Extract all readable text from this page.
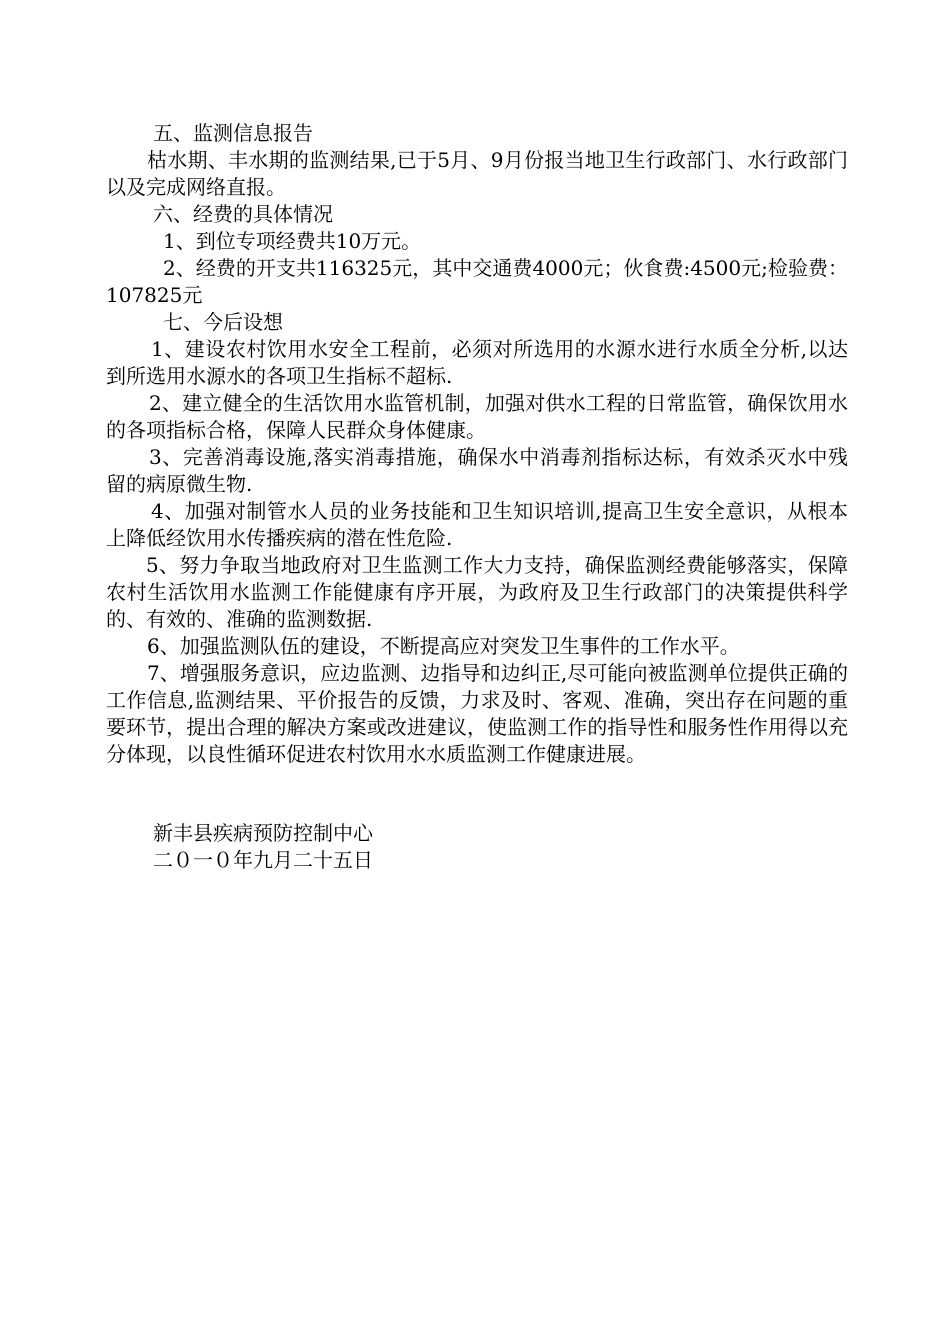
五、监测信息报告
枯水期、丰水期的监测结果,已于5月、9月份报当地卫生行政部门、水行政部门以及完成网络直报。
六、经费的具体情况
1、到位专项经费共10万元。
2、经费的开支共116325元，其中交通费4000元；伙食费:4500元;检验费：107825元
七、今后设想
1、建设农村饮用水安全工程前，必须对所选用的水源水进行水质全分析,以达到所选用水源水的各项卫生指标不超标.
2、建立健全的生活饮用水监管机制，加强对供水工程的日常监管，确保饮用水的各项指标合格，保障人民群众身体健康。
3、完善消毒设施,落实消毒措施，确保水中消毒剂指标达标，有效杀灭水中残留的病原微生物.
4、加强对制管水人员的业务技能和卫生知识培训,提高卫生安全意识，从根本上降低经饮用水传播疾病的潜在性危险.
5、努力争取当地政府对卫生监测工作大力支持，确保监测经费能够落实，保障农村生活饮用水监测工作能健康有序开展，为政府及卫生行政部门的决策提供科学的、有效的、准确的监测数据.
6、加强监测队伍的建设，不断提高应对突发卫生事件的工作水平。
7、增强服务意识，应边监测、边指导和边纠正,尽可能向被监测单位提供正确的工作信息,监测结果、平价报告的反馈，力求及时、客观、准确，突出存在问题的重要环节，提出合理的解决方案或改进建议，使监测工作的指导性和服务性作用得以充分体现，以良性循环促进农村饮用水水质监测工作健康进展。
新丰县疾病预防控制中心
二０一０年九月二十五日
